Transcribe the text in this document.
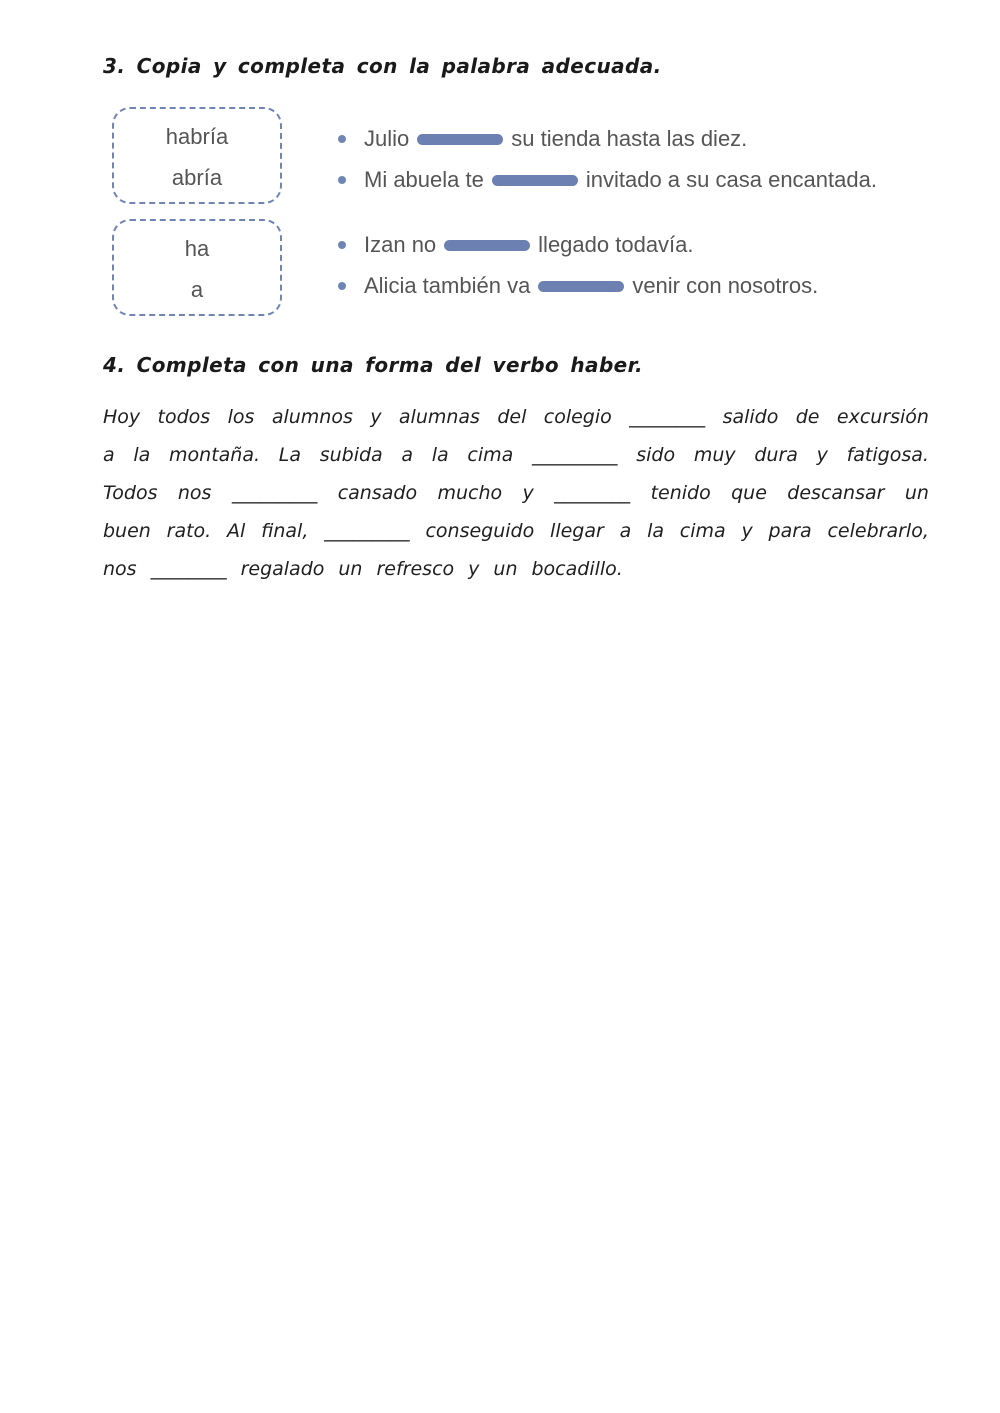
3. Copia y completa con la palabra adecuada.
habría
abría
ha
a
Julio	su tienda hasta las diez.
Mi abuela te	invitado a su casa encantada.
Izan no	llegado todavía.
Alicia también va	venir con nosotros.
4. Completa con una forma del verbo haber.
Hoy todos los alumnos y alumnas del colegio ________ salido de excursión
a la montaña. La subida a la cima _________ sido muy dura y fatigosa.
Todos nos _________ cansado mucho y ________ tenido que descansar un
buen rato. Al final, _________ conseguido llegar a la cima y para celebrarlo,
nos ________ regalado un refresco y un bocadillo.
